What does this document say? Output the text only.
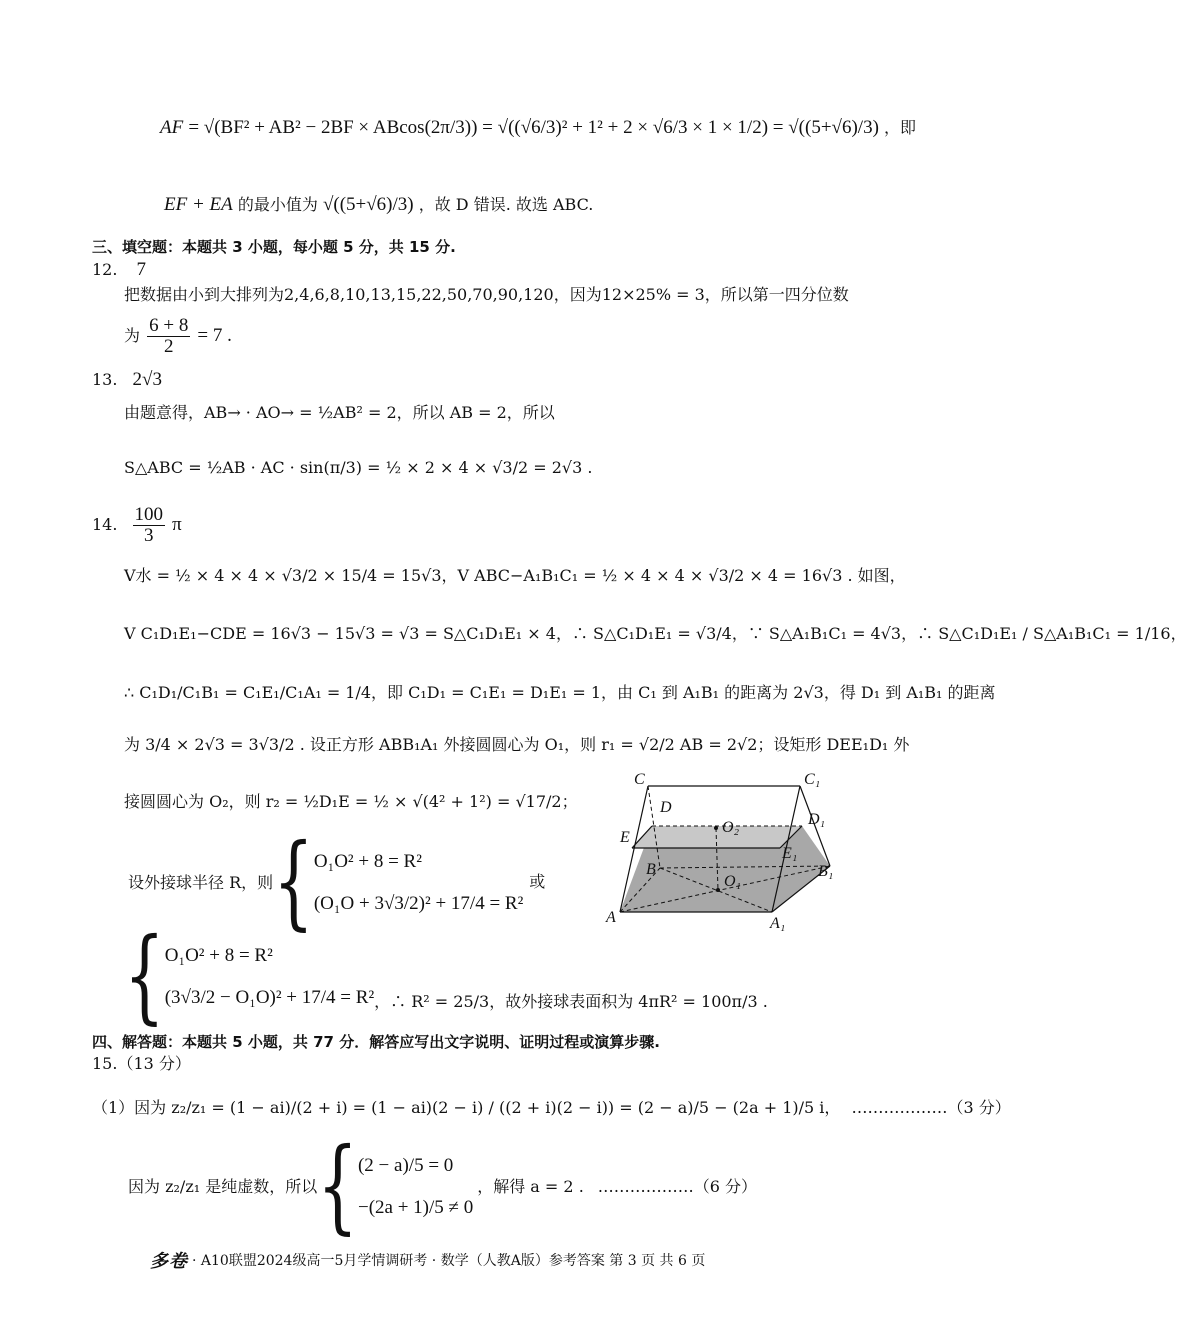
AF = √(BF² + AB² − 2BF × ABcos(2π/3)) = √((√6/3)² + 1² + 2 × √6/3 × 1 × 1/2) = √((5+√6)/3) ，即
EF + EA 的最小值为 √((5+√6)/3) ，故 D 错误. 故选 ABC.
三、填空题：本题共 3 小题，每小题 5 分，共 15 分.
12. 7
把数据由小到大排列为2,4,6,8,10,13,15,22,50,70,90,120，因为12×25% = 3，所以第一四分位数
为 $\frac{6 + 8}{2} = 7$ .
13. 2√3
由题意得，AB→ · AO→ = ½AB² = 2，所以 AB = 2，所以
S△ABC = ½AB · AC · sin(π/3) = ½ × 2 × 4 × √3/2 = 2√3 .
14. $\frac{100}{3}$ π
V水 = ½ × 4 × 4 × √3/2 × 15/4 = 15√3，V ABC−A₁B₁C₁ = ½ × 4 × 4 × √3/2 × 4 = 16√3 . 如图，
V C₁D₁E₁−CDE = 16√3 − 15√3 = √3 = S△C₁D₁E₁ × 4，∴ S△C₁D₁E₁ = √3/4，∵ S△A₁B₁C₁ = 4√3，∴ S△C₁D₁E₁ / S△A₁B₁C₁ = 1/16，
∴ C₁D₁/C₁B₁ = C₁E₁/C₁A₁ = 1/4，即 C₁D₁ = C₁E₁ = D₁E₁ = 1，由 C₁ 到 A₁B₁ 的距离为 2√3，得 D₁ 到 A₁B₁ 的距离
为 3/4 × 2√3 = 3√3/2 . 设正方形 ABB₁A₁ 外接圆圆心为 O₁，则 r₁ = √2/2 AB = 2√2；设矩形 DEE₁D₁ 外
接圆圆心为 O₂，则 r₂ = ½D₁E = ½ × √(4² + 1²) = √17/2；
设外接球半径 R，则 { O₁O² + 8 = R²
(O₁O + 3√3/2)² + 17/4 = R²
或
{ O₁O² + 8 = R²
(3√3/2 − O₁O)² + 17/4 = R² ，∴ R² = 25/3，故外接球表面积为 4πR² = 100π/3 .
C	C₁
D
D₁
E
O₂
E₁
B
O₁
B₁
A	A₁
四、解答题：本题共 5 小题，共 77 分．解答应写出文字说明、证明过程或演算步骤.
15.（13 分）
（1）因为 z₂/z₁ = (1 − ai)/(2 + i) = (1 − ai)(2 − i) / ((2 + i)(2 − i)) = (2 − a)/5 − (2a + 1)/5 i， ………………（3 分）
因为 z₂/z₁ 是纯虚数，所以 { (2 − a)/5 = 0
−(2a + 1)/5 ≠ 0
，解得 a = 2 . ………………（6 分）
多卷 · A10联盟2024级高一5月学情调研考 · 数学（人教A版）参考答案 第 3 页 共 6 页
